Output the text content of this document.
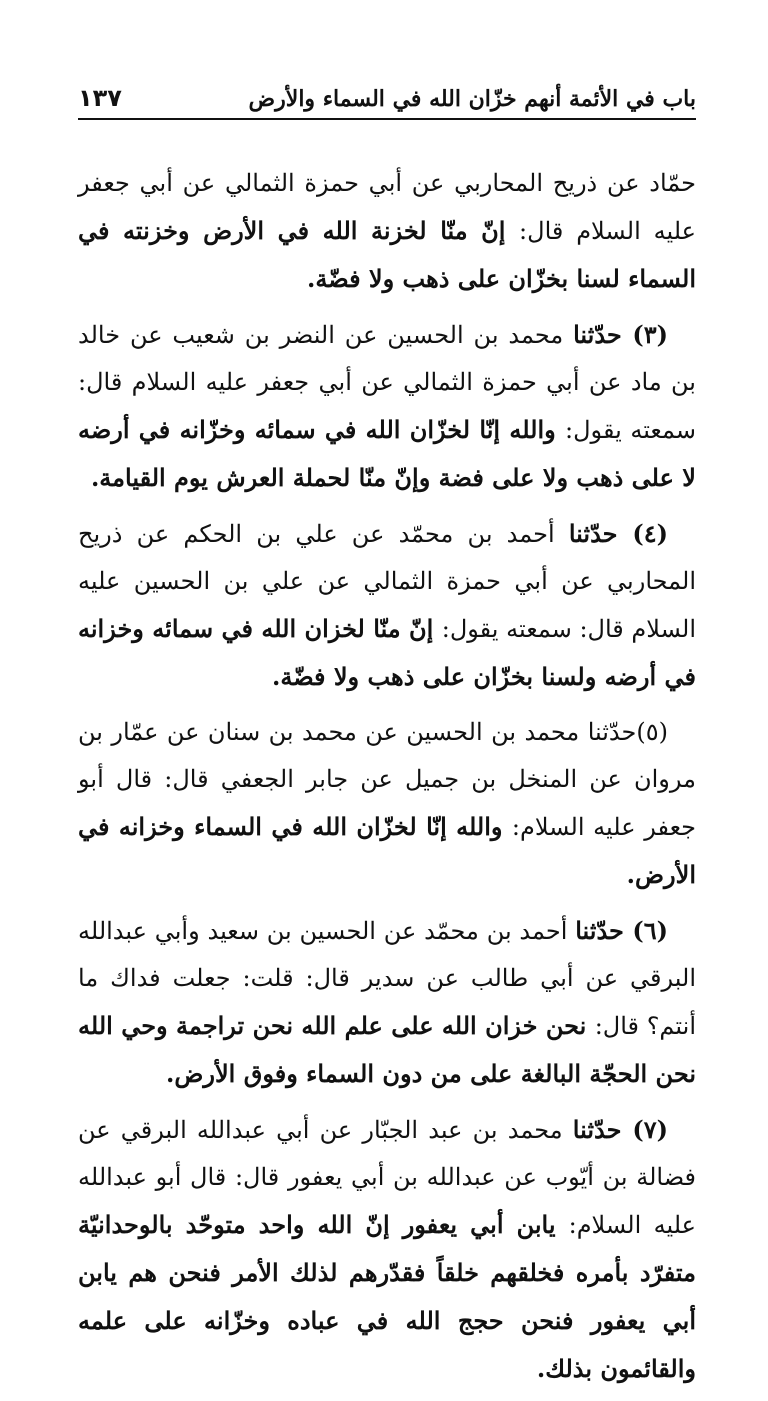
باب في الأئمة أنهم خزّان الله في السماء والأرض
١٣٧

حمّاد عن ذريح المحاربي عن أبي حمزة الثمالي عن أبي جعفر عليه السلام قال: إنّ منّا لخزنة الله في الأرض وخزنته في السماء لسنا بخزّان على ذهب ولا فضّة.

(٣) حدّثنا محمد بن الحسين عن النضر بن شعيب عن خالد بن ماد عن أبي حمزة الثمالي عن أبي جعفر عليه السلام قال: سمعته يقول: والله إنّا لخزّان الله في سمائه وخزّانه في أرضه لا على ذهب ولا على فضة وإنّ منّا لحملة العرش يوم القيامة.

(٤) حدّثنا أحمد بن محمّد عن علي بن الحكم عن ذريح المحاربي عن أبي حمزة الثمالي عن علي بن الحسين عليه السلام قال: سمعته يقول: إنّ منّا لخزان الله في سمائه وخزانه في أرضه ولسنا بخزّان على ذهب ولا فضّة.

(٥)حدّثنا محمد بن الحسين عن محمد بن سنان عن عمّار بن مروان عن المنخل بن جميل عن جابر الجعفي قال: قال أبو جعفر عليه السلام: والله إنّا لخزّان الله في السماء وخزانه في الأرض.

(٦) حدّثنا أحمد بن محمّد عن الحسين بن سعيد وأبي عبدالله البرقي عن أبي طالب عن سدير قال: قلت: جعلت فداك ما أنتم؟ قال: نحن خزان الله على علم الله نحن تراجمة وحي الله نحن الحجّة البالغة على من دون السماء وفوق الأرض.

(٧) حدّثنا محمد بن عبد الجبّار عن أبي عبدالله البرقي عن فضالة بن أيّوب عن عبدالله بن أبي يعفور قال: قال أبو عبدالله عليه السلام: يابن أبي يعفور إنّ الله واحد متوحّد بالوحدانيّة متفرّد بأمره فخلقهم خلقاً فقدّرهم لذلك الأمر فنحن هم يابن أبي يعفور فنحن حجج الله في عباده وخزّانه على علمه والقائمون بذلك.
